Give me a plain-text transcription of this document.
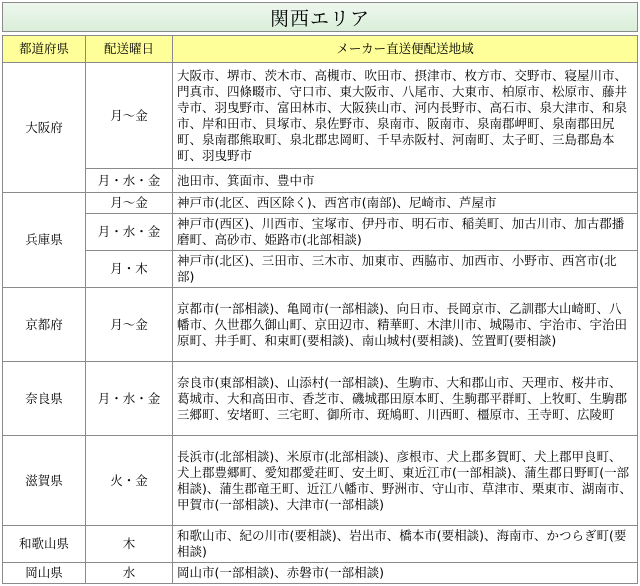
関西エリア
都道府県	配送曜日	メーカー直送便配送地域
大阪府	月～金	大阪市、堺市、茨木市、高槻市、吹田市、摂津市、枚方市、交野市、寝屋川市、門真市、四條畷市、守口市、東大阪市、八尾市、大東市、柏原市、松原市、藤井寺市、羽曳野市、富田林市、大阪狭山市、河内長野市、高石市、泉大津市、和泉市、岸和田市、貝塚市、泉佐野市、泉南市、阪南市、泉南郡岬町、泉南郡田尻町、泉南郡熊取町、泉北郡忠岡町、千早赤阪村、河南町、太子町、三島郡島本町、羽曳野市
	月・水・金	池田市、箕面市、豊中市
兵庫県	月～金	神戸市(北区、西区除く)、西宮市(南部)、尼崎市、芦屋市
	月・水・金	神戸市(西区)、川西市、宝塚市、伊丹市、明石市、稲美町、加古川市、加古郡播磨町、高砂市、姫路市(北部相談)
	月・木	神戸市(北区)、三田市、三木市、加東市、西脇市、加西市、小野市、西宮市(北部)
京都府	月～金	京都市(一部相談)、亀岡市(一部相談)、向日市、長岡京市、乙訓郡大山崎町、八幡市、久世郡久御山町、京田辺市、精華町、木津川市、城陽市、宇治市、宇治田原町、井手町、和束町(要相談)、南山城村(要相談)、笠置町(要相談)
奈良県	月・水・金	奈良市(東部相談)、山添村(一部相談)、生駒市、大和郡山市、天理市、桜井市、葛城市、大和高田市、香芝市、磯城郡田原本町、生駒郡平群町、上牧町、生駒郡三郷町、安堵町、三宅町、御所市、斑鳩町、川西町、橿原市、王寺町、広陵町
滋賀県	火・金	長浜市(北部相談)、米原市(北部相談)、彦根市、犬上郡多賀町、犬上郡甲良町、犬上郡豊郷町、愛知郡愛荘町、安土町、東近江市(一部相談)、蒲生郡日野町(一部相談)、蒲生郡竜王町、近江八幡市、野洲市、守山市、草津市、栗東市、湖南市、甲賀市(一部相談)、大津市(一部相談)
和歌山県	木	和歌山市、紀の川市(要相談)、岩出市、橋本市(要相談)、海南市、かつらぎ町(要相談)
岡山県	水	岡山市(一部相談)、赤磐市(一部相談)
